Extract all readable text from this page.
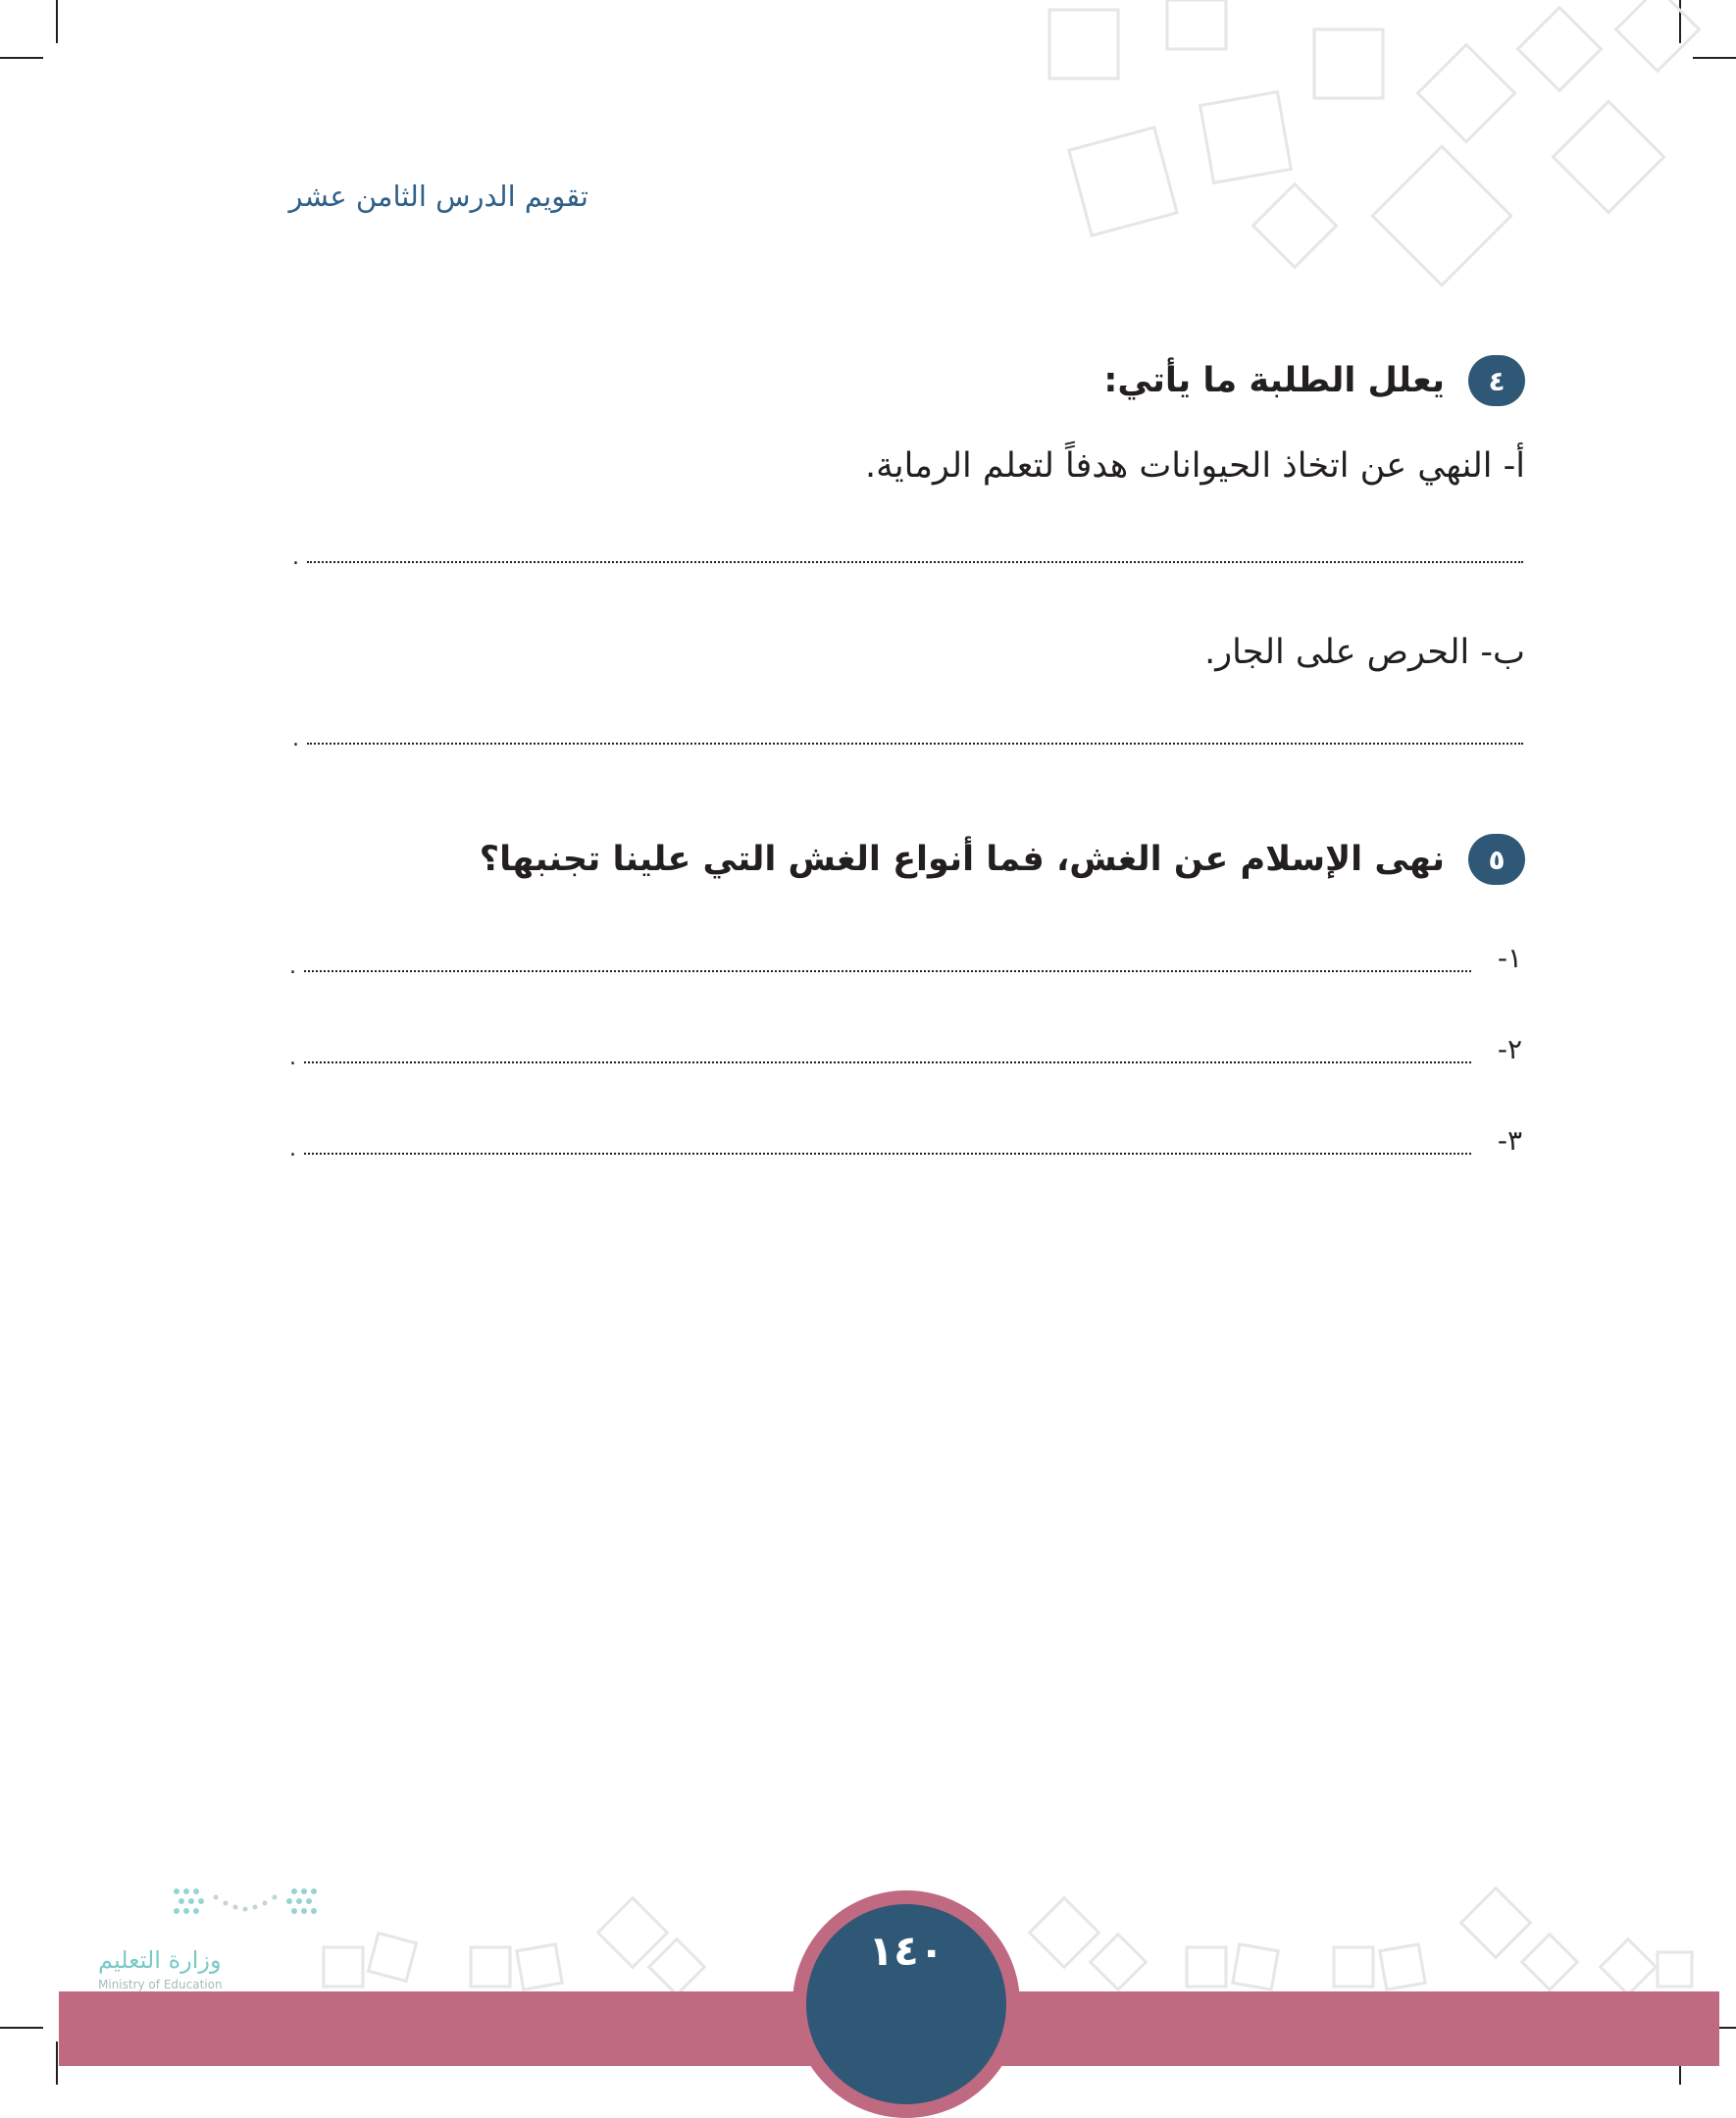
تقويم الدرس الثامن عشر
٤
يعلل الطلبة ما يأتي:
أ- النهي عن اتخاذ الحيوانات هدفاً لتعلم الرماية.
.
ب- الحرص على الجار.
.
٥
نهى الإسلام عن الغش، فما أنواع الغش التي علينا تجنبها؟
١-
.
٢-
.
٣-
.
وزارة التعليم
Ministry of Education
١٤٠
